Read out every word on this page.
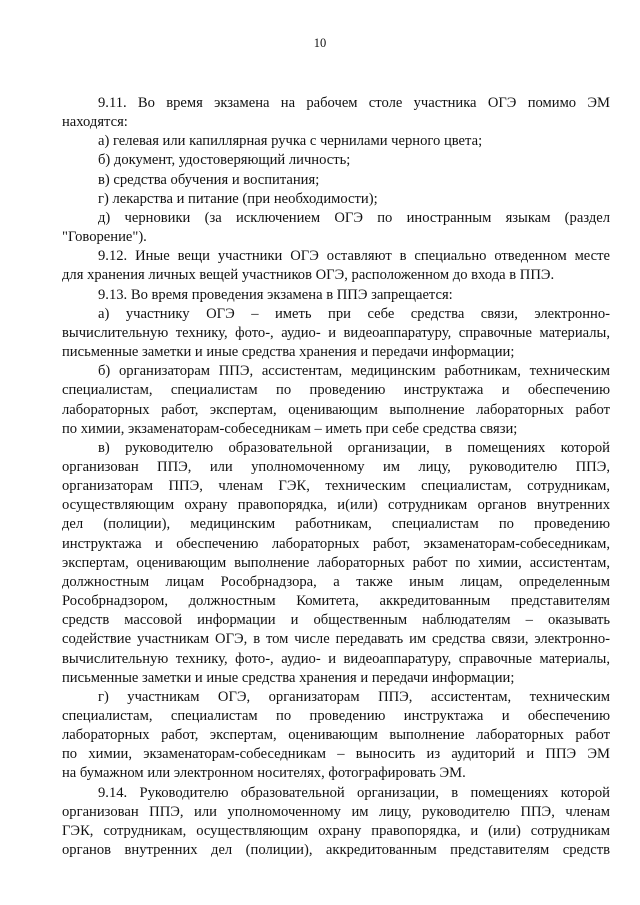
10
9.11. Во время экзамена на рабочем столе участника ОГЭ помимо ЭМ
находятся:
а) гелевая или капиллярная ручка с чернилами черного цвета;
б) документ, удостоверяющий личность;
в) средства обучения и воспитания;
г) лекарства и питание (при необходимости);
д) черновики (за исключением ОГЭ по иностранным языкам (раздел
"Говорение").
9.12. Иные вещи участники ОГЭ оставляют в специально отведенном месте
для хранения личных вещей участников ОГЭ, расположенном до входа в ППЭ.
9.13. Во время проведения экзамена в ППЭ запрещается:
а) участнику ОГЭ – иметь при себе средства связи, электронно-
вычислительную технику, фото-, аудио- и видеоаппаратуру, справочные материалы,
письменные заметки и иные средства хранения и передачи информации;
б) организаторам ППЭ, ассистентам, медицинским работникам, техническим
специалистам, специалистам по проведению инструктажа и обеспечению
лабораторных работ, экспертам, оценивающим выполнение лабораторных работ
по химии, экзаменаторам-собеседникам – иметь при себе средства связи;
в) руководителю образовательной организации, в помещениях которой
организован ППЭ, или уполномоченному им лицу, руководителю ППЭ,
организаторам ППЭ, членам ГЭК, техническим специалистам, сотрудникам,
осуществляющим охрану правопорядка, и(или) сотрудникам органов внутренних
дел (полиции), медицинским работникам, специалистам по проведению
инструктажа и обеспечению лабораторных работ, экзаменаторам-собеседникам,
экспертам, оценивающим выполнение лабораторных работ по химии, ассистентам,
должностным лицам Рособрнадзора, а также иным лицам, определенным
Рособрнадзором, должностным Комитета, аккредитованным представителям
средств массовой информации и общественным наблюдателям – оказывать
содействие участникам ОГЭ, в том числе передавать им средства связи, электронно-
вычислительную технику, фото-, аудио- и видеоаппаратуру, справочные материалы,
письменные заметки и иные средства хранения и передачи информации;
г) участникам ОГЭ, организаторам ППЭ, ассистентам, техническим
специалистам, специалистам по проведению инструктажа и обеспечению
лабораторных работ, экспертам, оценивающим выполнение лабораторных работ
по химии, экзаменаторам-собеседникам – выносить из аудиторий и ППЭ ЭМ
на бумажном или электронном носителях, фотографировать ЭМ.
9.14. Руководителю образовательной организации, в помещениях которой
организован ППЭ, или уполномоченному им лицу, руководителю ППЭ, членам
ГЭК, сотрудникам, осуществляющим охрану правопорядка, и (или) сотрудникам
органов внутренних дел (полиции), аккредитованным представителям средств
